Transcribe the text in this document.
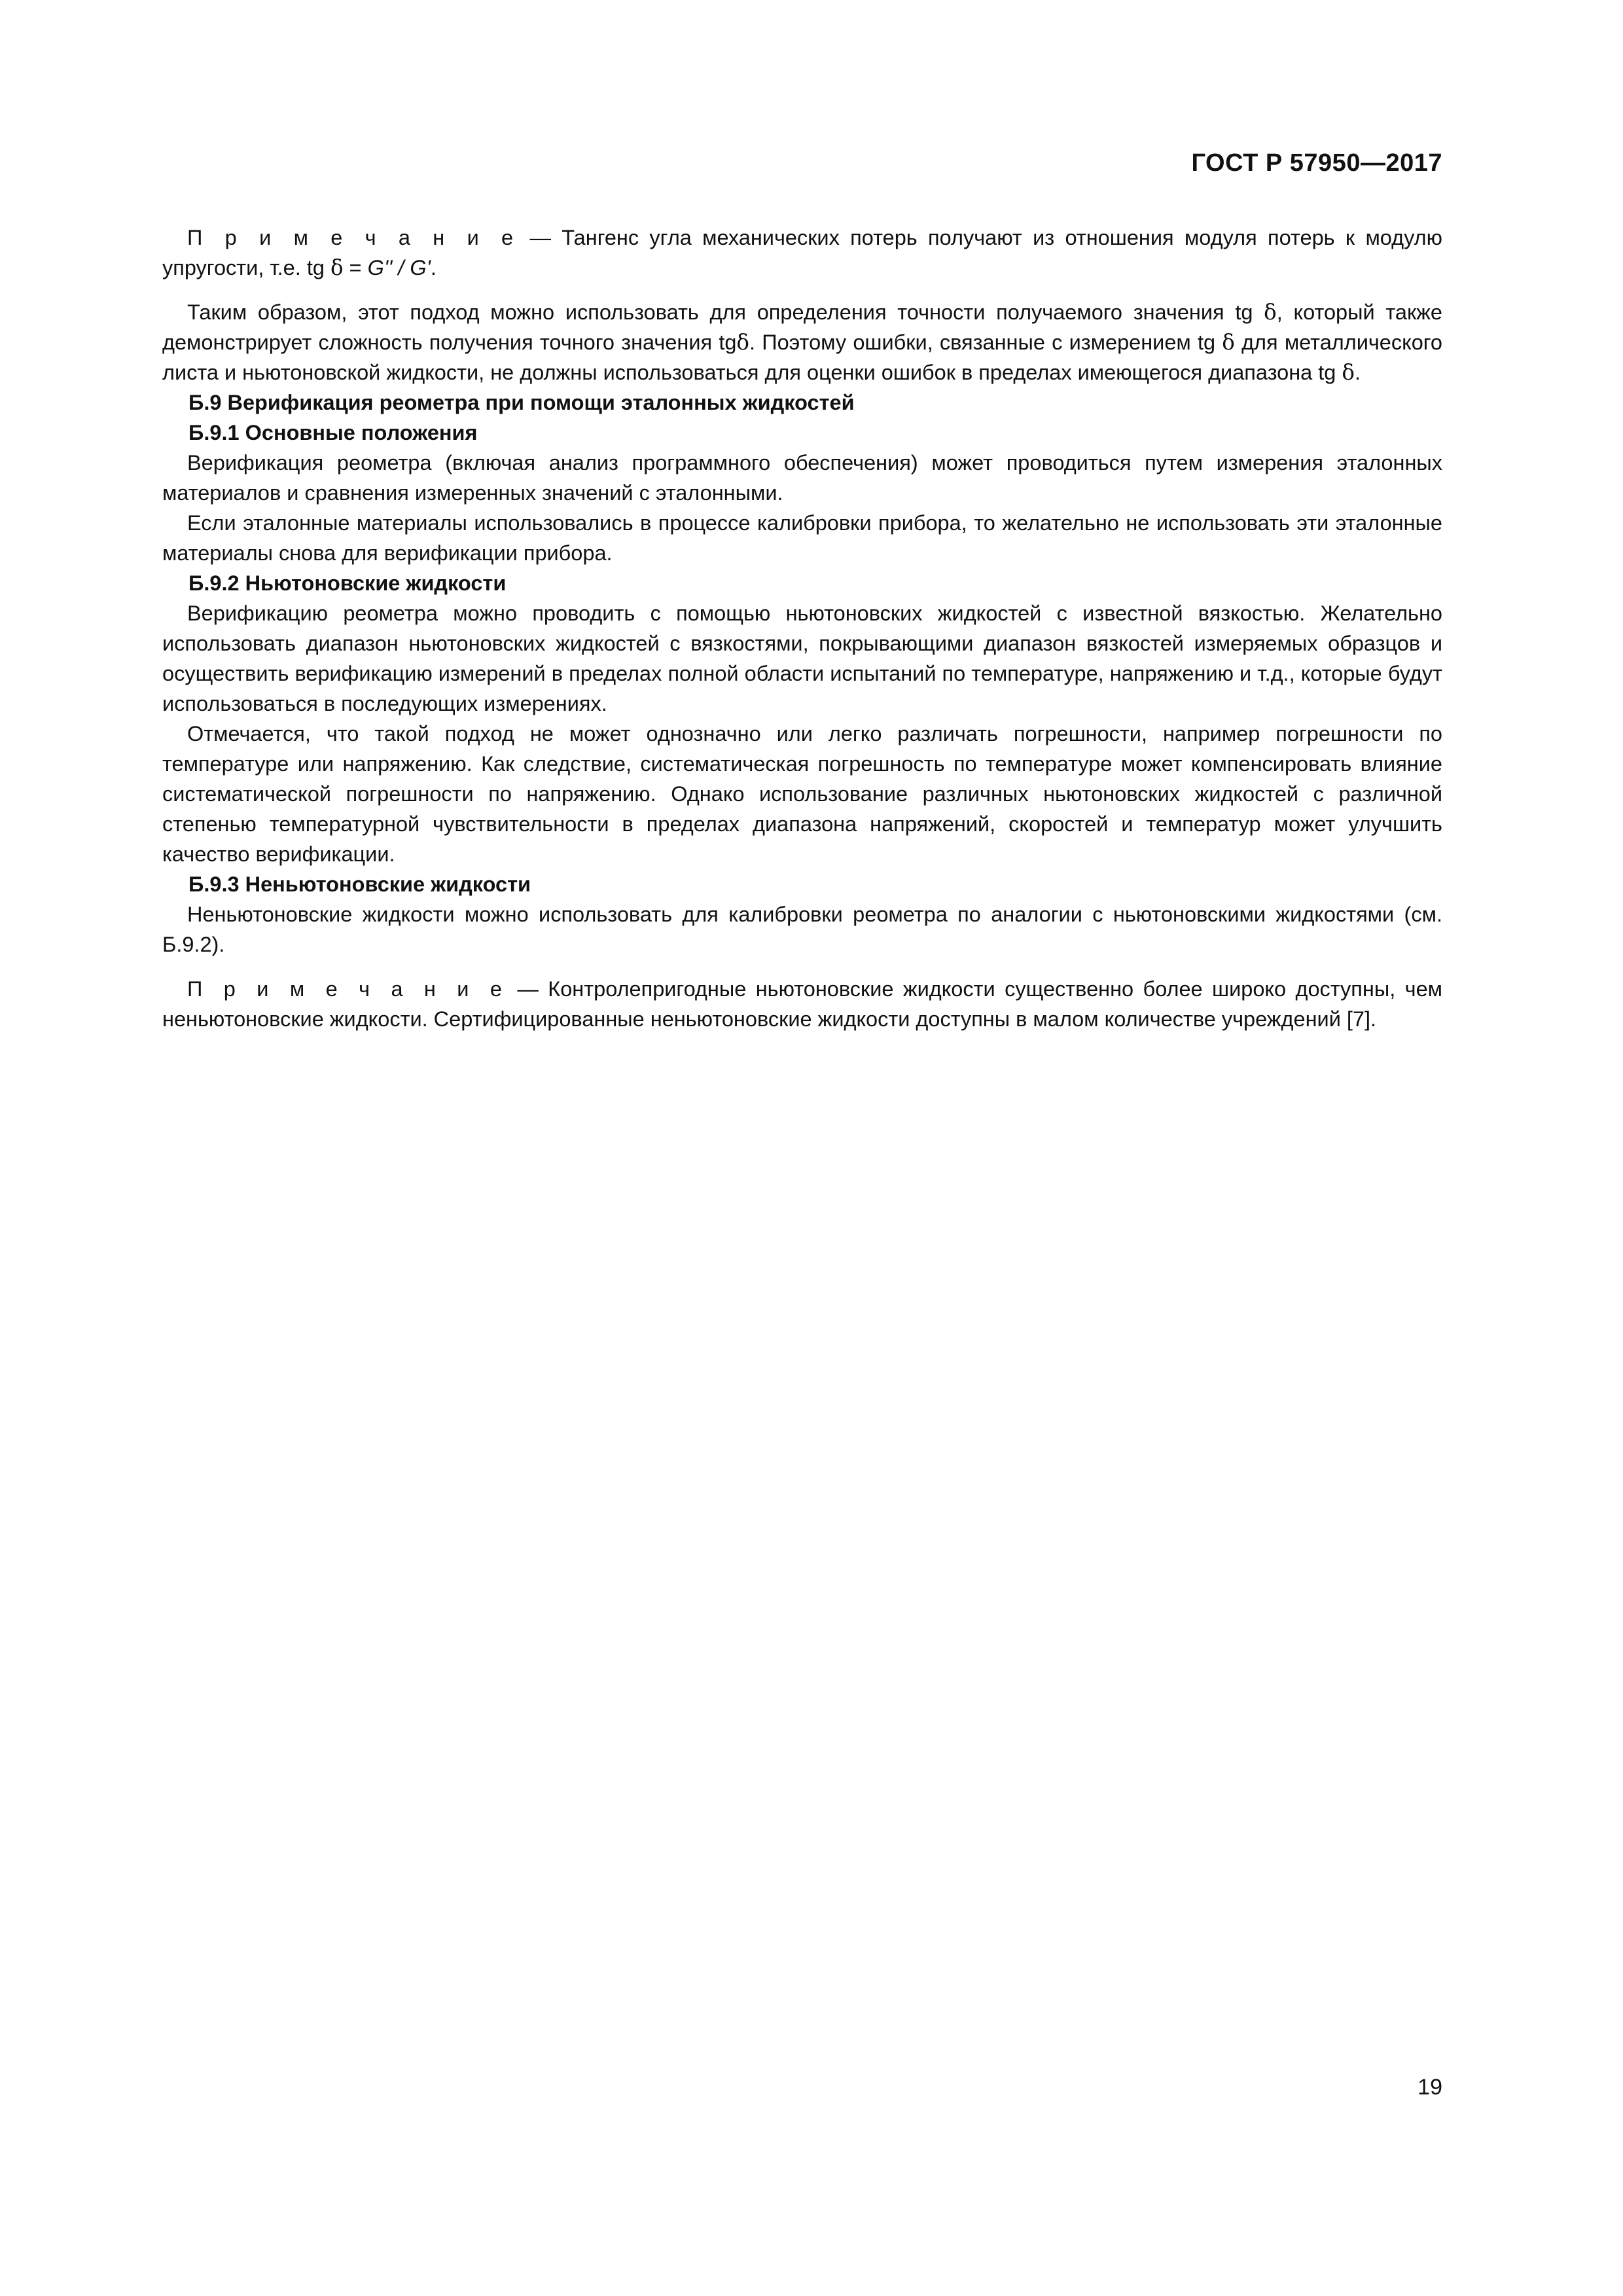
ГОСТ Р 57950—2017

П р и м е ч а н и е — Тангенс угла механических потерь получают из отношения модуля потерь к модулю упругости, т.е. tg δ = G'' / G'.

Таким образом, этот подход можно использовать для определения точности получаемого значения tg δ, который также демонстрирует сложность получения точного значения tgδ. Поэтому ошибки, связанные с измерением tg δ для металлического листа и ньютоновской жидкости, не должны использоваться для оценки ошибок в пределах имеющегося диапазона tg δ.

Б.9 Верификация реометра при помощи эталонных жидкостей

Б.9.1 Основные положения

Верификация реометра (включая анализ программного обеспечения) может проводиться путем измерения эталонных материалов и сравнения измеренных значений с эталонными.

Если эталонные материалы использовались в процессе калибровки прибора, то желательно не использовать эти эталонные материалы снова для верификации прибора.

Б.9.2 Ньютоновские жидкости

Верификацию реометра можно проводить с помощью ньютоновских жидкостей с известной вязкостью. Желательно использовать диапазон ньютоновских жидкостей с вязкостями, покрывающими диапазон вязкостей измеряемых образцов и осуществить верификацию измерений в пределах полной области испытаний по температуре, напряжению и т.д., которые будут использоваться в последующих измерениях.

Отмечается, что такой подход не может однозначно или легко различать погрешности, например погрешности по температуре или напряжению. Как следствие, систематическая погрешность по температуре может компенсировать влияние систематической погрешности по напряжению. Однако использование различных ньютоновских жидкостей с различной степенью температурной чувствительности в пределах диапазона напряжений, скоростей и температур может улучшить качество верификации.

Б.9.3 Неньютоновские жидкости

Неньютоновские жидкости можно использовать для калибровки реометра по аналогии с ньютоновскими жидкостями (см. Б.9.2).

П р и м е ч а н и е — Контролепригодные ньютоновские жидкости существенно более широко доступны, чем неньютоновские жидкости. Сертифицированные неньютоновские жидкости доступны в малом количестве учреждений [7].

19
